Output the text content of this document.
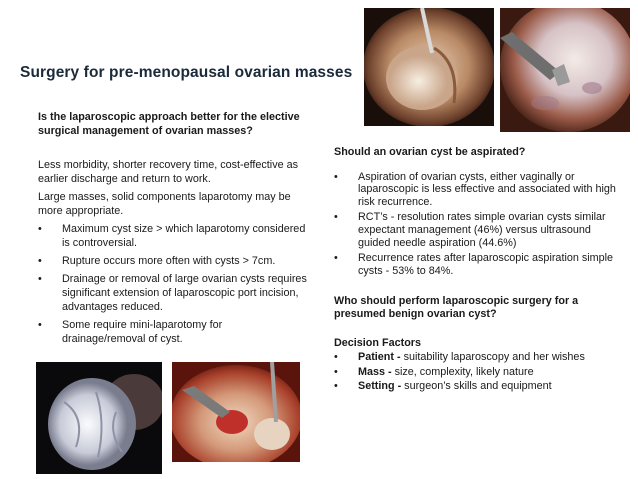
Surgery for pre-menopausal ovarian masses

Is the laparoscopic approach better for the elective surgical management of ovarian masses?

Less morbidity, shorter recovery time, cost-effective as earlier discharge and return to work.

Large masses, solid components laparotomy may be more appropriate.

• Maximum cyst size > which laparotomy considered is controversial.
• Rupture occurs more often with cysts > 7cm.
• Drainage or removal of large ovarian cysts requires significant extension of laparoscopic port incision, advantages reduced.
• Some require mini-laparotomy for drainage/removal of cyst.

Should an ovarian cyst be aspirated?

• Aspiration of ovarian cysts, either vaginally or laparoscopic is less effective and associated with high risk recurrence.
• RCT’s - resolution rates simple ovarian cysts similar expectant management (46%) versus ultrasound guided needle aspiration (44.6%)
• Recurrence rates after laparoscopic aspiration simple cysts - 53% to 84%.

Who should perform laparoscopic surgery for a presumed benign ovarian cyst?

Decision Factors

• Patient - suitability laparoscopy and her wishes
• Mass - size, complexity, likely nature
• Setting - surgeon’s skills and equipment
